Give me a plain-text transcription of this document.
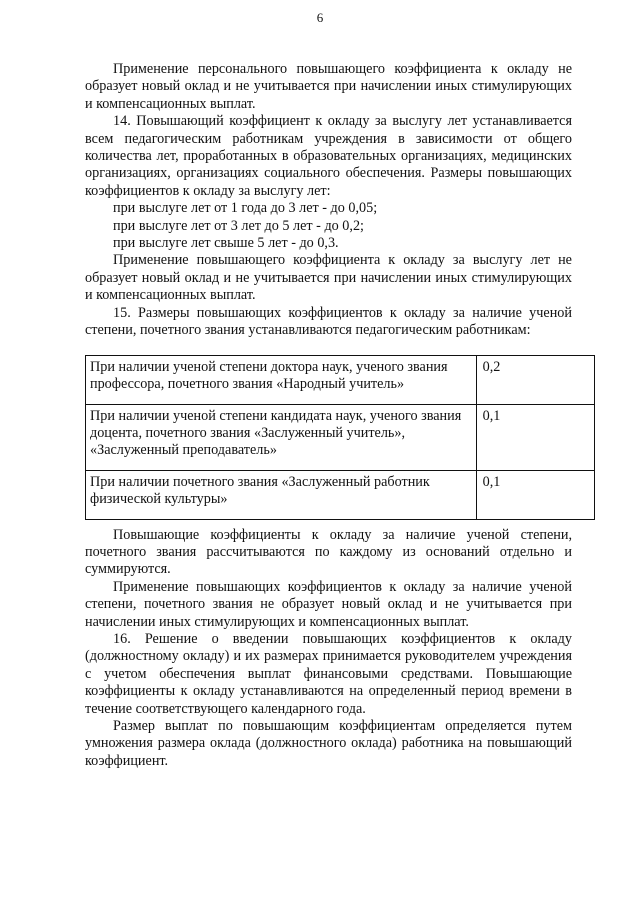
6

Применение персонального повышающего коэффициента к окладу не образует новый оклад и не учитывается при начислении иных стимулирующих и компенсационных выплат.

14. Повышающий коэффициент к окладу за выслугу лет устанавливается всем педагогическим работникам учреждения в зависимости от общего количества лет, проработанных в образовательных организациях, медицинских организациях, организациях социального обеспечения. Размеры повышающих коэффициентов к окладу за выслугу лет:

при выслуге лет от 1 года до 3 лет - до 0,05;

при выслуге лет от 3 лет до 5 лет - до 0,2;

при выслуге лет свыше 5 лет - до 0,3.

Применение повышающего коэффициента к окладу за выслугу лет не образует новый оклад и не учитывается при начислении иных стимулирующих и компенсационных выплат.

15. Размеры повышающих коэффициентов к окладу за наличие ученой степени, почетного звания устанавливаются педагогическим работникам:

При наличии ученой степени доктора наук, ученого звания профессора, почетного звания «Народный учитель»	0,2
При наличии ученой степени кандидата наук, ученого звания доцента, почетного звания «Заслуженный учитель», «Заслуженный преподаватель»	0,1
При наличии почетного звания «Заслуженный работник физической культуры»	0,1

Повышающие коэффициенты к окладу за наличие ученой степени, почетного звания рассчитываются по каждому из оснований отдельно и суммируются.

Применение повышающих коэффициентов к окладу за наличие ученой степени, почетного звания не образует новый оклад и не учитывается при начислении иных стимулирующих и компенсационных выплат.

16. Решение о введении повышающих коэффициентов к окладу (должностному окладу) и их размерах принимается руководителем учреждения с учетом обеспечения выплат финансовыми средствами. Повышающие коэффициенты к окладу устанавливаются на определенный период времени в течение соответствующего календарного года.

Размер выплат по повышающим коэффициентам определяется путем умножения размера оклада (должностного оклада) работника на повышающий коэффициент.
